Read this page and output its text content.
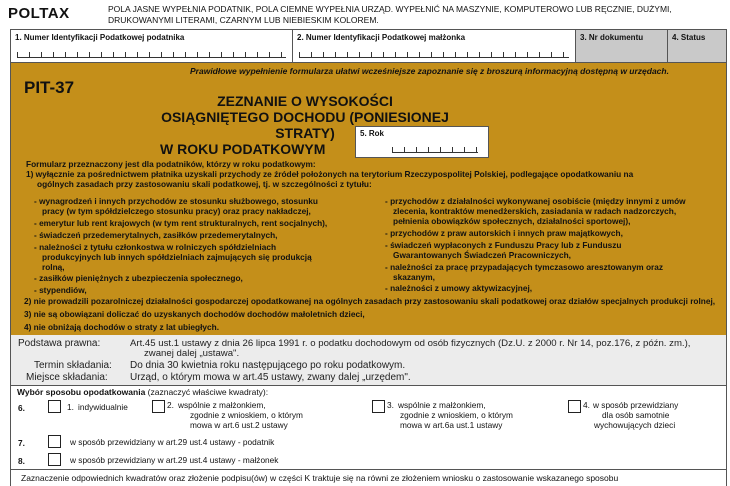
POLTAX	POLA JASNE WYPEŁNIA PODATNIK, POLA CIEMNE WYPEŁNIA URZĄD. WYPEŁNIĆ NA MASZYNIE, KOMPUTEROWO LUB RĘCZNIE, DUŻYMI, DRUKOWANYMI LITERAMI, CZARNYM LUB NIEBIESKIM KOLOREM.
1. Numer Identyfikacji Podatkowej podatnika	2. Numer Identyfikacji Podatkowej małżonka	3. Nr dokumentu	4. Status
Prawidłowe wypełnienie formularza ułatwi wcześniejsze zapoznanie się z broszurą informacyjną dostępną w urzędach.
PIT-37
ZEZNANIE O WYSOKOŚCI
OSIĄGNIĘTEGO DOCHODU (PONIESIONEJ STRATY)
W ROKU PODATKOWYM
5. Rok
Formularz przeznaczony jest dla podatników, którzy w roku podatkowym:
1) wyłącznie za pośrednictwem płatnika uzyskali przychody ze źródeł położonych na terytorium Rzeczypospolitej Polskiej, podlegające opodatkowaniu na
ogólnych zasadach przy zastosowaniu skali podatkowej, tj. w szczególności z tytułu:
- wynagrodzeń i innych przychodów ze stosunku służbowego, stosunku
pracy (w tym spółdzielczego stosunku pracy) oraz pracy nakładczej,
- emerytur lub rent krajowych (w tym rent strukturalnych, rent socjalnych),
- świadczeń przedemerytalnych, zasiłków przedemerytalnych,
- należności z tytułu członkostwa w rolniczych spółdzielniach
produkcyjnych lub innych spółdzielniach zajmujących się produkcją
rolną,
- zasiłków pieniężnych z ubezpieczenia społecznego,
- stypendiów,
- przychodów z działalności wykonywanej osobiście (między innymi z umów
zlecenia, kontraktów menedżerskich, zasiadania w radach nadzorczych,
pełnienia obowiązków społecznych, działalności sportowej),
- przychodów z praw autorskich i innych praw majątkowych,
- świadczeń wypłaconych z Funduszu Pracy lub z Funduszu
Gwarantowanych Świadczeń Pracowniczych,
- należności za pracę przypadających tymczasowo aresztowanym oraz
skazanym,
- należności z umowy aktywizacyjnej,
2) nie prowadzili pozarolniczej działalności gospodarczej opodatkowanej na ogólnych zasadach przy zastosowaniu skali podatkowej oraz działów specjalnych produkcji rolnej,
3) nie są obowiązani doliczać do uzyskanych dochodów dochodów małoletnich dzieci,
4) nie obniżają dochodów o straty z lat ubiegłych.
Podstawa prawna:	Art.45 ust.1 ustawy z dnia 26 lipca 1991 r. o podatku dochodowym od osób fizycznych (Dz.U. z 2000 r. Nr 14, poz.176, z późn. zm.),
zwanej dalej „ustawa".
Termin składania: Do dnia 30 kwietnia roku następującego po roku podatkowym.
Miejsce składania: Urząd, o którym mowa w art.45 ustawy, zwany dalej „urzędem".
Wybór sposobu opodatkowania (zaznaczyć właściwe kwadraty):
6.	1. indywidualnie	2. wspólnie z małżonkiem,
zgodnie z wnioskiem, o którym
mowa w art.6 ust.2 ustawy
3. wspólnie z małżonkiem,
zgodnie z wnioskiem, o którym
mowa w art.6a ust.1 ustawy
4. w sposób przewidziany
dla osób samotnie
wychowujących dzieci
7.	w sposób przewidziany w art.29 ust.4 ustawy - podatnik
8.	w sposób przewidziany w art.29 ust.4 ustawy - małżonek
Zaznaczenie odpowiednich kwadratów oraz złożenie podpisu(ów) w części K traktuje się na równi ze złożeniem wniosku o zastosowanie wskazanego sposobu
